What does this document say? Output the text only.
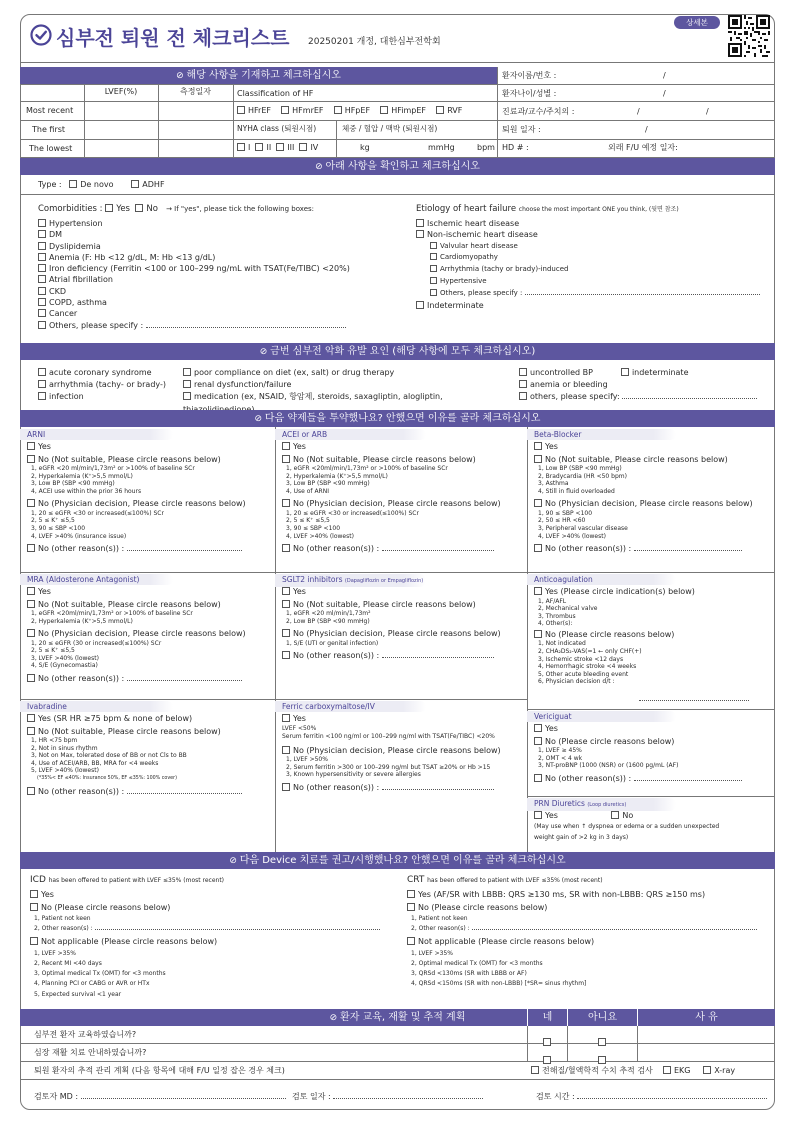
심부전 퇴원 전 체크리스트 20250201 개정, 대한심부전학회
상세본
⊘ 해당 사항을 기재하고 체크하십시오
LVEF(%)	측정일자
Most recent
The first
The lowest
Classification of HF
HFrEF	HFmrEF	HFpEF	HFimpEF	RVF
NYHA class (퇴원시점)
I II III IV
체중 / 혈압 / 맥박 (퇴원시점)
kg	mmHg	bpm
환자이름/번호 :	/
환자나이/성별 :	/
진료과/교수/주치의 :	/	/
퇴원 일자 :	/
HD # :	외래 F/U 예정 일자:
⊘ 아래 사항을 확인하고 체크하십시오
Type : De novo	ADHF
Comorbidities : Yes No → If "yes", please tick the following boxes:
Hypertension
DM
Dyslipidemia
Anemia (F: Hb <12 g/dL, M: Hb <13 g/dL)
Iron deficiency (Ferritin <100 or 100–299 ng/mL with TSAT(Fe/TIBC) <20%)
Atrial fibrillation
CKD
COPD, asthma
Cancer
Others, please specify :
Etiology of heart failure choose the most important ONE you think, (뒷면 참조)
Ischemic heart disease
Non-ischemic heart disease
Valvular heart disease
Cardiomyopathy
Arrhythmia (tachy or brady)-induced
Hypertensive
Others, please specify :
Indeterminate
⊘ 금번 심부전 악화 유발 요인 (해당 사항에 모두 체크하십시오)
acute coronary syndrome
arrhythmia (tachy- or brady-)
infection
poor compliance on diet (ex, salt) or drug therapy
renal dysfunction/failure
medication (ex, NSAID, 항암제, steroids, saxagliptin, alogliptin,
uncontrolled BP	indeterminate
anemia or bleeding
others, please specify:
⊘ 다음 약제들을 투약했나요? 안했으면 이유를 골라 체크하십시오
ARNI
Yes
No (Not suitable, Please circle reasons below)
1, eGFR <20 ml/min/1,73m² or >100% of baseline SCr
2, Hyperkalemia (K⁺>5,5 mmol/L)
3, Low BP (SBP <90 mmHg)
4, ACEI use within the prior 36 hours
No (Physician decision, Please circle reasons below)
1, 20 ≤ eGFR <30 or increased(≤100%) SCr
2, 5 ≤ K⁺ ≤5,5
3, 90 ≤ SBP <100
4, LVEF >40% (insurance issue)
No (other reason(s)) :
ACEI or ARB
Yes
No (Not suitable, Please circle reasons below)
1, eGFR <20ml/min/1,73m² or >100% of baseline SCr
2, Hyperkalemia (K⁺>5,5 mmol/L)
3, Low BP (SBP <90 mmHg)
4, Use of ARNI
No (Physician decision, Please circle reasons below)
1, 20 ≤ eGFR <30 or increased(≤100%) SCr
2, 5 ≤ K⁺ ≤5,5
3, 90 ≤ SBP <100
4, LVEF >40% (lowest)
No (other reason(s)) :
Beta-Blocker
Yes
No (Not suitable, Please circle reasons below)
1, Low BP (SBP <90 mmHg)
2, Bradycardia (HR <50 bpm)
3, Asthma
4, Still in fluid overloaded
No (Physician decision, Please circle reasons below)
1, 90 ≤ SBP <100
2, 50 ≤ HR <60
3, Peripheral vascular disease
4, LVEF >40% (lowest)
No (other reason(s)) :
MRA (Aldosterone Antagonist)
Yes
No (Not suitable, Please circle reasons below)
1, eGFR <20ml/min/1,73m² or >100% of baseline SCr
2, Hyperkalemia (K⁺>5,5 mmol/L)
No (Physician decision, Please circle reasons below)
1, 20 ≤ eGFR (30 or increased(≤100%) SCr
2, 5 ≤ K⁺ ≤5,5
3, LVEF >40% (lowest)
4, S/E (Gynecomastia)
No (other reason(s)) :
SGLT2 inhibitors (Dapagliflozin or Empagliflozin)
Yes
No (Not suitable, Please circle reasons below)
1, eGFR <20 ml/min/1,73m²
2, Low BP (SBP <90 mmHg)
No (Physician decision, Please circle reasons below)
1, S/E (UTI or genital infection)
No (other reason(s)) :
Anticoagulation
Yes (Please circle indication(s) below)
1, AF/AFL
2, Mechanical valve
3, Thrombus
4, Other(s):
No (Please circle reasons below)
1, Not indicated
2, CHA₂DS₂-VAS(=1 ← only CHF(+)
3, Ischemic stroke <12 days
4, Hemorrhagic stroke <4 weeks
5, Other acute bleeding event
6, Physician decision d/t :
Ivabradine
Yes (SR HR ≥75 bpm & none of below)
No (Not suitable, Please circle reasons below)
1, HR <75 bpm
2, Not in sinus rhythm
3, Not on Max, tolerated dose of BB or not Cls to BB
4, Use of ACEI/ARB, BB, MRA for <4 weeks
5, LVEF >40% (lowest)
(*35%< EF ≤40%: Insurance 50%, EF ≤35%: 100% cover)
No (other reason(s)) :
Ferric carboxymaltose/IV
Yes
LVEF <50%
Serum ferritin <100 ng/ml or 100–299 ng/ml with TSAT(Fe/TIBC) <20%
No (Physician decision, Please circle reasons below)
1, LVEF >50%
2, Serum ferritin >300 or 100–299 ng/ml but TSAT ≥20% or Hb >15
3, Known hypersensitivity or severe allergies
No (other reason(s)) :
Vericiguat
Yes
No (Please circle reasons below)
1, LVEF ≥ 45%
2, OMT < 4 wk
3, NT-proBNP (1000 (NSR) or (1600 pg/mL (AF)
No (other reason(s)) :
PRN Diuretics (Loop diuretics)
Yes	No
(May use when ↑ dyspnea or edema or a sudden unexpected
weight gain of >2 kg in 3 days)
⊘ 다음 Device 치료를 권고/시행했나요? 안했으면 이유를 골라 체크하십시오
ICD has been offered to patient with LVEF ≤35% (most recent)
Yes
No (Please circle reasons below)
1, Patient not keen
2, Other reason(s) :
Not applicable (Please circle reasons below)
1, LVEF >35%
2, Recent MI <40 days
3, Optimal medical Tx (OMT) for <3 months
4, Planning PCI or CABG or AVR or HTx
5, Expected survival <1 year
CRT has been offered to patient with LVEF ≤35% (most recent)
Yes (AF/SR with LBBB: QRS ≥130 ms, SR with non-LBBB: QRS ≥150 ms)
No (Please circle reasons below)
1, Patient not keen
2, Other reason(s) :
Not applicable (Please circle reasons below)
1, LVEF >35%
2, Optimal medical Tx (OMT) for <3 months
3, QRSd <130ms (SR with LBBB or AF)
4, QRSd <150ms (SR with non-LBBB) [*SR= sinus rhythm]
⊘ 환자 교육, 재활 및 추적 계획	네	아니요	사 유
심부전 환자 교육하였습니까?
심장 재활 치료 안내하였습니까?
퇴원 환자의 추적 관리 계획 (다음 항목에 대해 F/U 일정 잡은 경우 체크)	전해질/혈액학적 수치 추적 검사	EKG	X-ray
검토자 MD :	검토 일자 :	검토 시간 :
